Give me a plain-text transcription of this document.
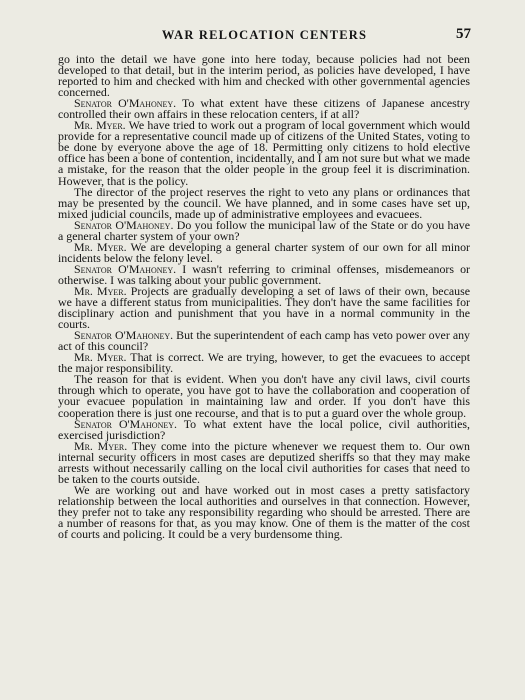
WAR RELOCATION CENTERS	57

go into the detail we have gone into here today, because policies had not been developed to that detail, but in the interim period, as policies have developed, I have reported to him and checked with him and checked with other governmental agencies concerned.

Senator O'Mahoney. To what extent have these citizens of Japanese ancestry controlled their own affairs in these relocation centers, if at all?

Mr. Myer. We have tried to work out a program of local government which would provide for a representative council made up of citizens of the United States, voting to be done by everyone above the age of 18. Permitting only citizens to hold elective office has been a bone of contention, incidentally, and I am not sure but what we made a mistake, for the reason that the older people in the group feel it is discrimination. However, that is the policy.

The director of the project reserves the right to veto any plans or ordinances that may be presented by the council. We have planned, and in some cases have set up, mixed judicial councils, made up of administrative employees and evacuees.

Senator O'Mahoney. Do you follow the municipal law of the State or do you have a general charter system of your own?

Mr. Myer. We are developing a general charter system of our own for all minor incidents below the felony level.

Senator O'Mahoney. I wasn't referring to criminal offenses, misdemeanors or otherwise. I was talking about your public government.

Mr. Myer. Projects are gradually developing a set of laws of their own, because we have a different status from municipalities. They don't have the same facilities for disciplinary action and punishment that you have in a normal community in the courts.

Senator O'Mahoney. But the superintendent of each camp has veto power over any act of this council?

Mr. Myer. That is correct. We are trying, however, to get the evacuees to accept the major responsibility.

The reason for that is evident. When you don't have any civil laws, civil courts through which to operate, you have got to have the collaboration and cooperation of your evacuee population in maintaining law and order. If you don't have this cooperation there is just one recourse, and that is to put a guard over the whole group.

Senator O'Mahoney. To what extent have the local police, civil authorities, exercised jurisdiction?

Mr. Myer. They come into the picture whenever we request them to. Our own internal security officers in most cases are deputized sheriffs so that they may make arrests without necessarily calling on the local civil authorities for cases that need to be taken to the courts outside.

We are working out and have worked out in most cases a pretty satisfactory relationship between the local authorities and ourselves in that connection. However, they prefer not to take any responsibility regarding who should be arrested. There are a number of reasons for that, as you may know. One of them is the matter of the cost of courts and policing. It could be a very burdensome thing.
